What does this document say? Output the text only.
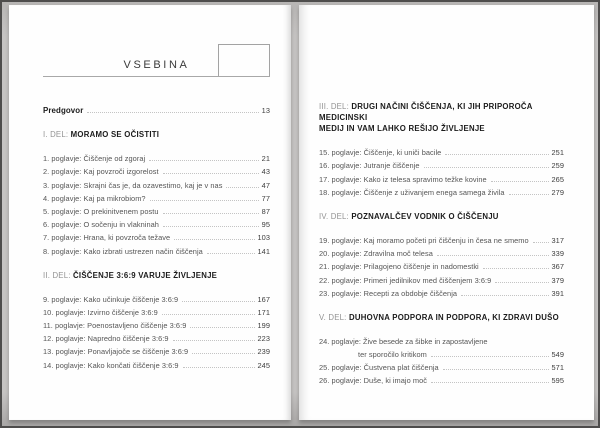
VSEBINA
Predgovor	13
I. DEL: MORAMO SE OČISTITI
1. poglavje: Čiščenje od zgoraj	21
2. poglavje: Kaj povzroči izgorelost	43
3. poglavje: Skrajni čas je, da ozavestimo, kaj je v nas	47
4. poglavje: Kaj pa mikrobiom?	77
5. poglavje: O prekinitvenem postu	87
6. poglavje: O sočenju in vlakninah	95
7. poglavje: Hrana, ki povzroča težave	103
8. poglavje: Kako izbrati ustrezen način čiščenja	141
II. DEL: ČIŠČENJE 3:6:9 VARUJE ŽIVLJENJE
9. poglavje: Kako učinkuje čiščenje 3:6:9	167
10. poglavje: Izvirno čiščenje 3:6:9	171
11. poglavje: Poenostavljeno čiščenje 3:6:9	199
12. poglavje: Napredno čiščenje 3:6:9	223
13. poglavje: Ponavljajoče se čiščenje 3:6:9	239
14. poglavje: Kako končati čiščenje 3:6:9	245
III. DEL: DRUGI NAČINI ČIŠČENJA, KI JIH PRIPOROČA MEDICINSKI
MEDIJ IN VAM LAHKO REŠIJO ŽIVLJENJE
15. poglavje: Čiščenje, ki uniči bacile	251
16. poglavje: Jutranje čiščenje	259
17. poglavje: Kako iz telesa spravimo težke kovine	265
18. poglavje: Čiščenje z uživanjem enega samega živila	279
IV. DEL: POZNAVALČEV VODNIK O ČIŠČENJU
19. poglavje: Kaj moramo početi pri čiščenju in česa ne smemo	317
20. poglavje: Zdravilna moč telesa	339
21. poglavje: Prilagojeno čiščenje in nadomestki	367
22. poglavje: Primeri jedilnikov med čiščenjem 3:6:9	379
23. poglavje: Recepti za obdobje čiščenja	391
V. DEL: DUHOVNA PODPORA IN PODPORA, KI ZDRAVI DUŠO
24. poglavje: Žive besede za šibke in zapostavljene
ter sporočilo kritikom	549
25. poglavje: Čustvena plat čiščenja	571
26. poglavje: Duše, ki imajo moč	595
